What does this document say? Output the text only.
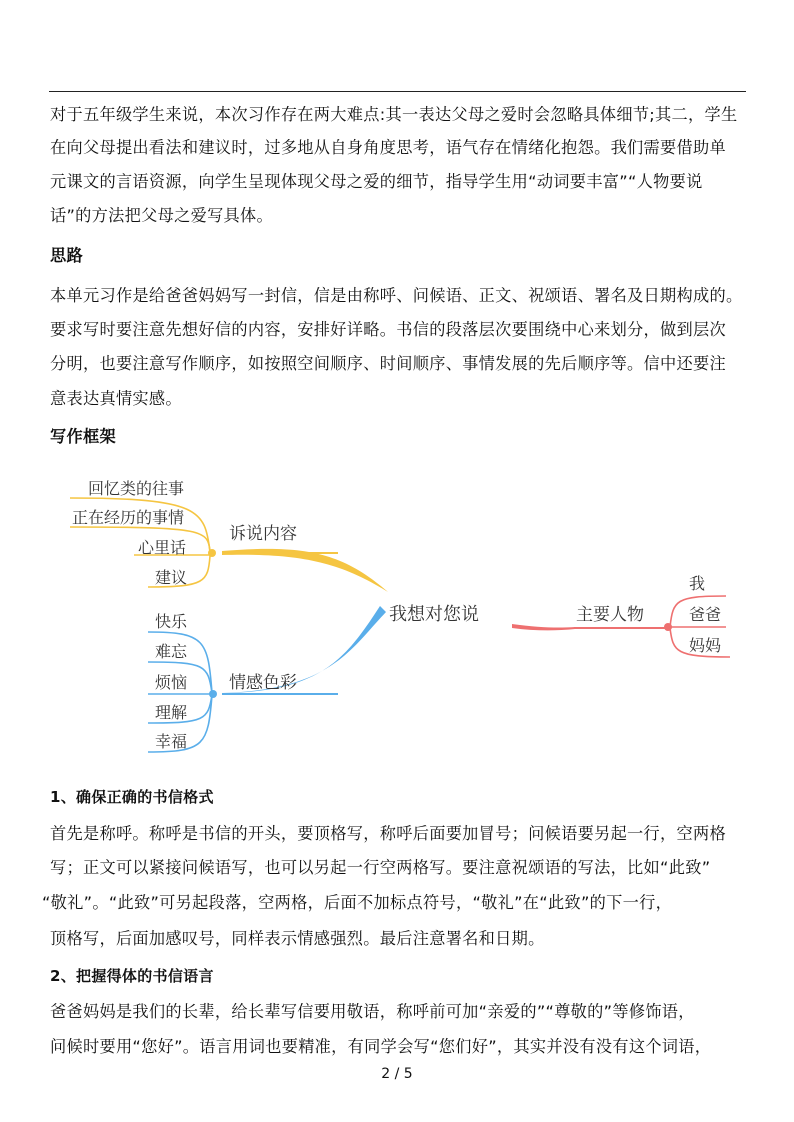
对于五年级学生来说，本次习作存在两大难点:其一表达父母之爱时会忽略具体细节;其二，学生
在向父母提出看法和建议时，过多地从自身角度思考，语气存在情绪化抱怨。我们需要借助单
元课文的言语资源，向学生呈现体现父母之爱的细节，指导学生用“动词要丰富”“人物要说
话”的方法把父母之爱写具体。
思路
本单元习作是给爸爸妈妈写一封信，信是由称呼、问候语、正文、祝颂语、署名及日期构成的。
要求写时要注意先想好信的内容，安排好详略。书信的段落层次要围绕中心来划分，做到层次
分明，也要注意写作顺序，如按照空间顺序、时间顺序、事情发展的先后顺序等。信中还要注
意表达真情实感。
写作框架
诉说内容
回忆类的往事
正在经历的事情
心里话
建议
情感色彩
快乐
难忘
烦恼
理解
幸福
我想对您说	主要人物
我
爸爸
妈妈
1、确保正确的书信格式
首先是称呼。称呼是书信的开头，要顶格写，称呼后面要加冒号；问候语要另起一行，空两格
写；正文可以紧接问候语写，也可以另起一行空两格写。要注意祝颂语的写法，比如“此致”
“敬礼”。“此致”可另起段落，空两格，后面不加标点符号，“敬礼”在“此致”的下一行，
顶格写，后面加感叹号，同样表示情感强烈。最后注意署名和日期。
2、把握得体的书信语言
爸爸妈妈是我们的长辈，给长辈写信要用敬语，称呼前可加“亲爱的”“尊敬的”等修饰语，
问候时要用“您好”。语言用词也要精准，有同学会写“您们好”，其实并没有没有这个词语，
2 / 5
